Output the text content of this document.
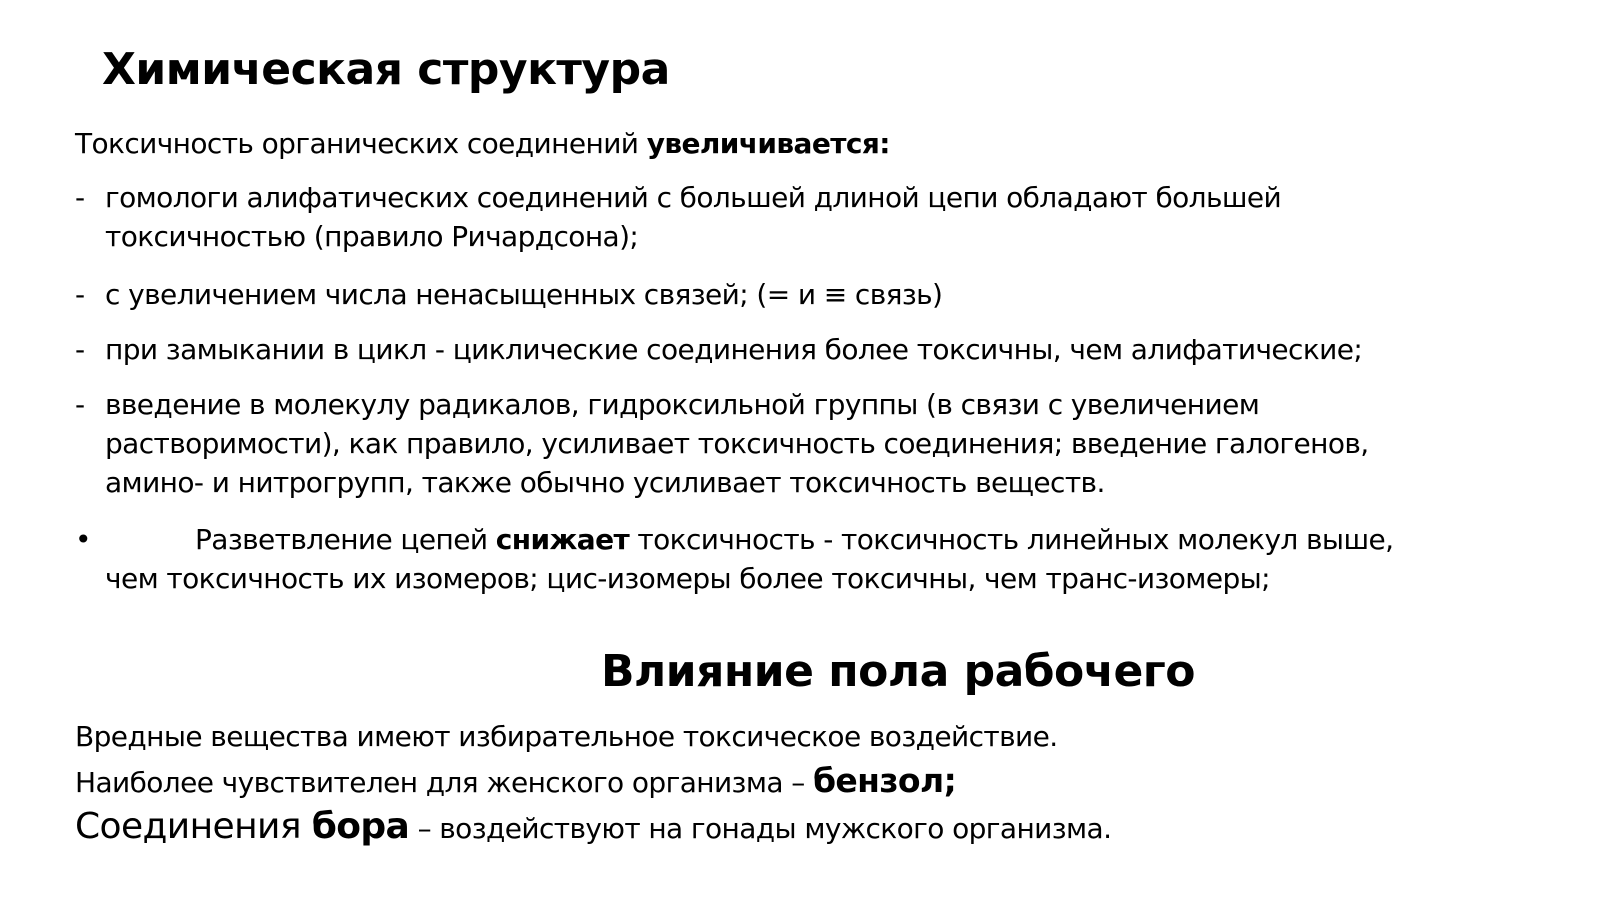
Химическая структура
Токсичность органических соединений увеличивается:
- гомологи алифатических соединений с большей длиной цепи обладают большей
токсичностью (правило Ричардсона);
- с увеличением числа ненасыщенных связей; (= и ≡ связь)
- при замыкании в цикл - циклические соединения более токсичны, чем алифатические;
- введение в молекулу радикалов, гидроксильной группы (в связи с увеличением
растворимости), как правило, усиливает токсичность соединения; введение галогенов,
амино- и нитрогрупп, также обычно усиливает токсичность веществ.
•	Разветвление цепей снижает токсичность - токсичность линейных молекул выше,
чем токсичность их изомеров; цис-изомеры более токсичны, чем транс-изомеры;
Влияние пола рабочего
Вредные вещества имеют избирательное токсическое воздействие.
Наиболее чувствителен для женского организма – бензол;
Соединения бора – воздействуют на гонады мужского организма.
